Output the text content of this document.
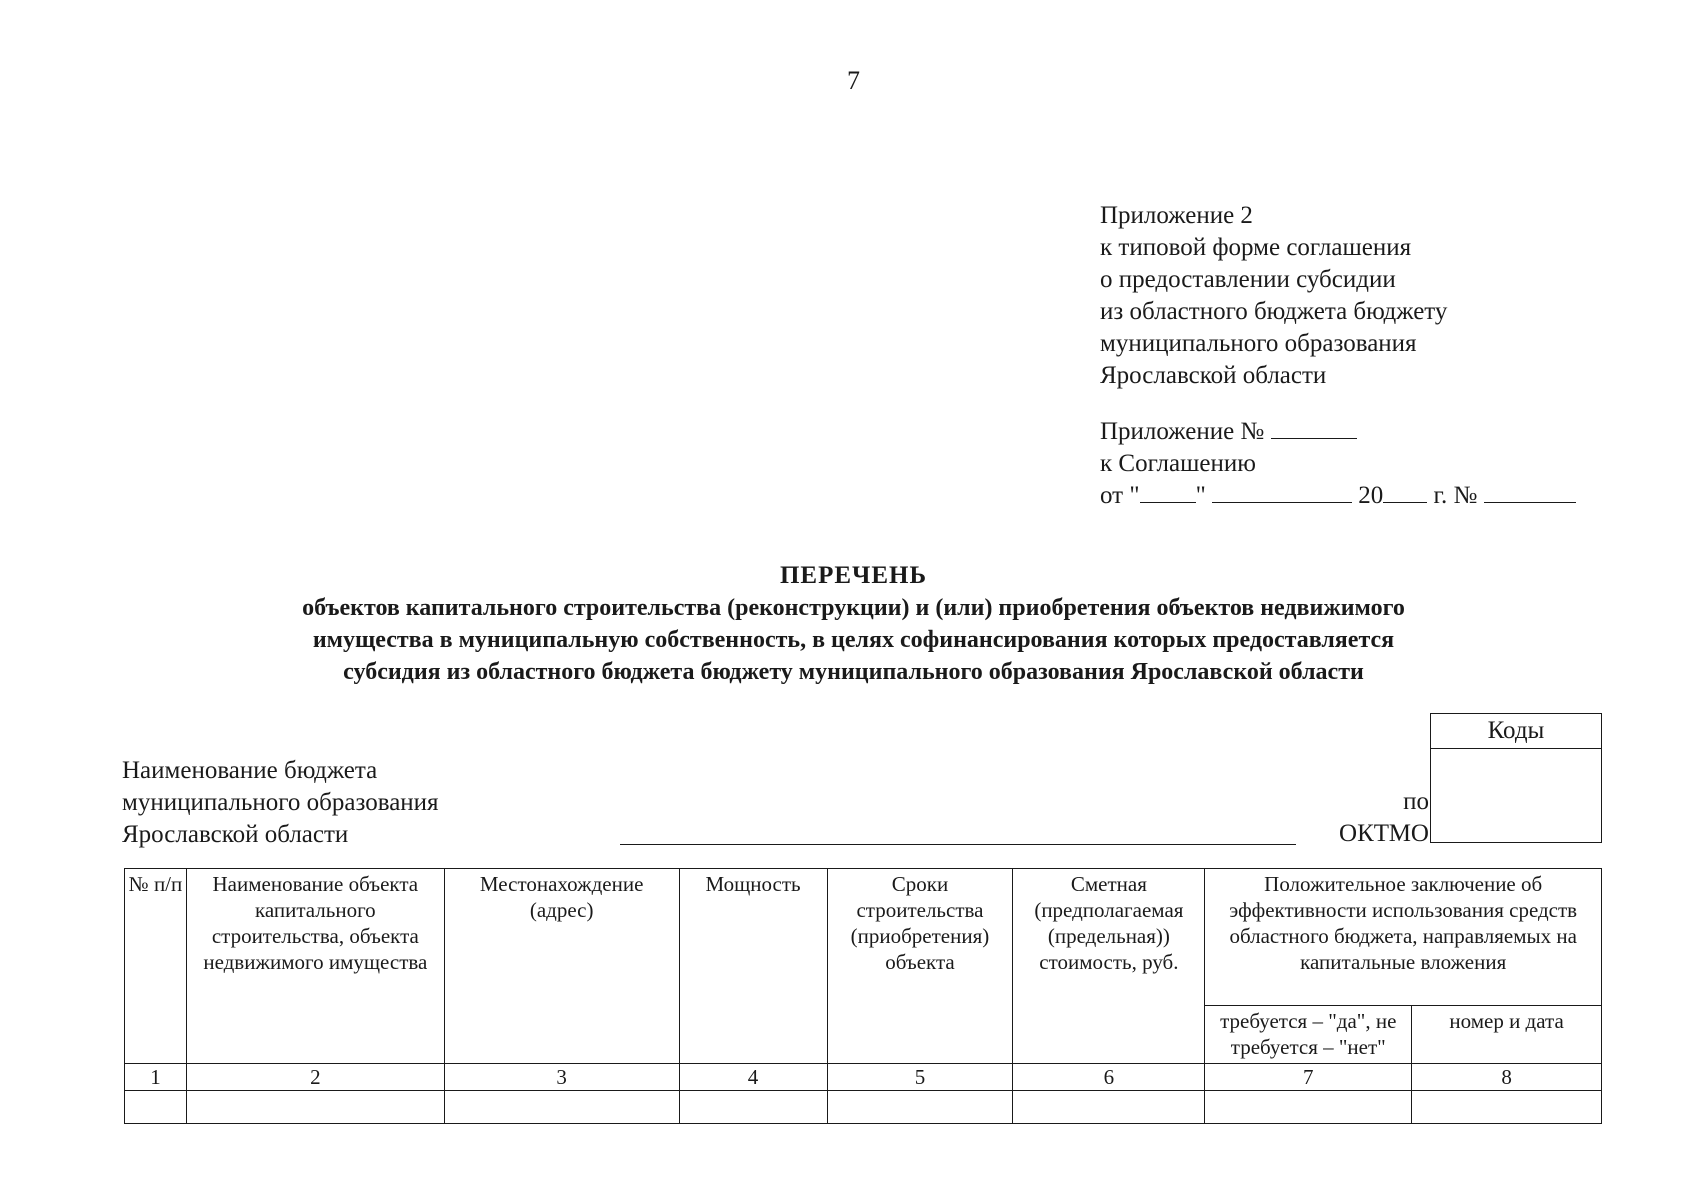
7
Приложение 2
к типовой форме соглашения
о предоставлении субсидии
из областного бюджета бюджету
муниципального образования
Ярославской области
Приложение №
к Соглашению
от " "	20 г. №
ПЕРЕЧЕНЬ
объектов капитального строительства (реконструкции) и (или) приобретения объектов недвижимого
имущества в муниципальную собственность, в целях софинансирования которых предоставляется
субсидия из областного бюджета бюджету муниципального образования Ярославской области
Коды
Наименование бюджета
муниципального образования
Ярославской области
по
ОКТМО
№ п/п	Наименование объекта капитального строительства, объекта недвижимого имущества	Местонахождение (адрес)	Мощность	Сроки строительства (приобретения) объекта	Сметная (предполагаемая (предельная)) стоимость, руб.	Положительное заключение об эффективности использования средств областного бюджета, направляемых на капитальные вложения	
						требуется – "да", не требуется – "нет"	номер и дата
1	2	3	4	5	6	7	8
